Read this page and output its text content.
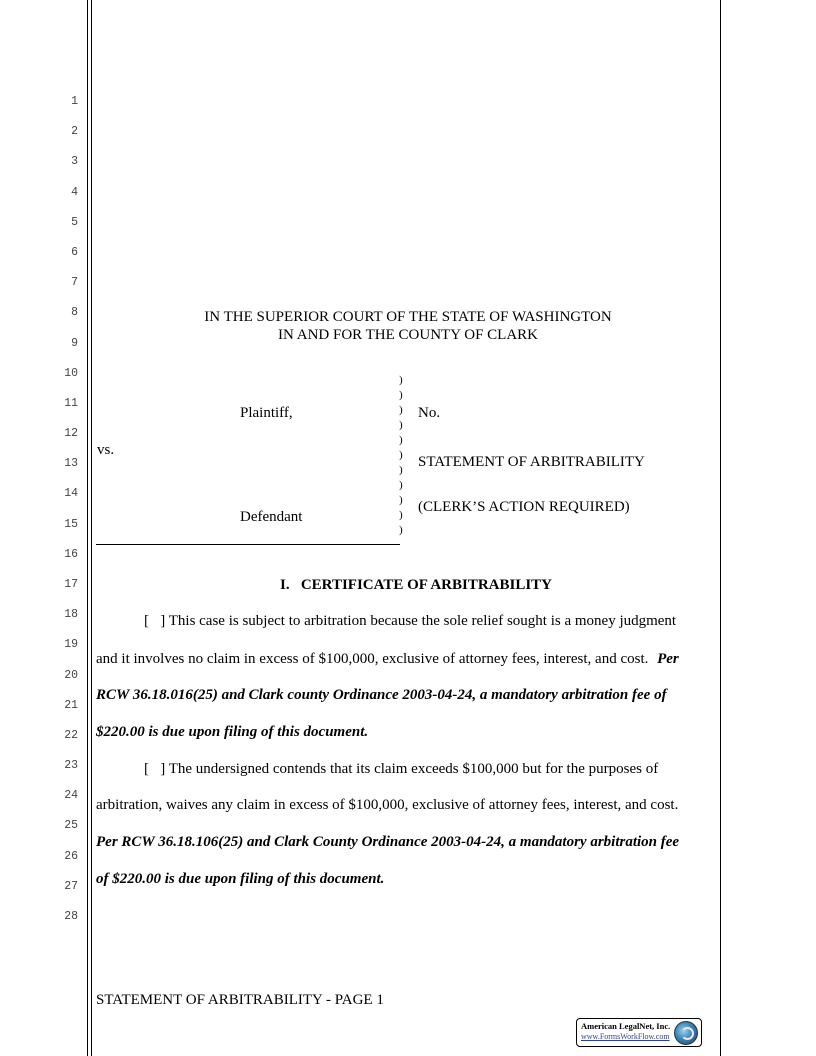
1
2
3
4
5
6
7
8
9
10
11
12
13
14
15
16
17
18
19
20
21
22
23
24
25
26
27
28
IN THE SUPERIOR COURT OF THE STATE OF WASHINGTON
IN AND FOR THE COUNTY OF CLARK
Plaintiff,
vs.
Defendant
)
)
)
)
)
)
)
)
)
)
)
No.
STATEMENT OF ARBITRABILITY
(CLERK’S ACTION REQUIRED)
I.   CERTIFICATE OF ARBITRABILITY
[   ] This case is subject to arbitration because the sole relief sought is a money judgment
and it involves no claim in excess of $100,000, exclusive of attorney fees, interest, and cost. Per
RCW 36.18.016(25) and Clark county Ordinance 2003-04-24, a mandatory arbitration fee of
$220.00 is due upon filing of this document.
[   ] The undersigned contends that its claim exceeds $100,000 but for the purposes of
arbitration, waives any claim in excess of $100,000, exclusive of attorney fees, interest, and cost.
Per RCW 36.18.106(25) and Clark County Ordinance 2003-04-24, a mandatory arbitration fee
of $220.00 is due upon filing of this document.
STATEMENT OF ARBITRABILITY - PAGE 1
American LegalNet, Inc.
www.FormsWorkFlow.com
